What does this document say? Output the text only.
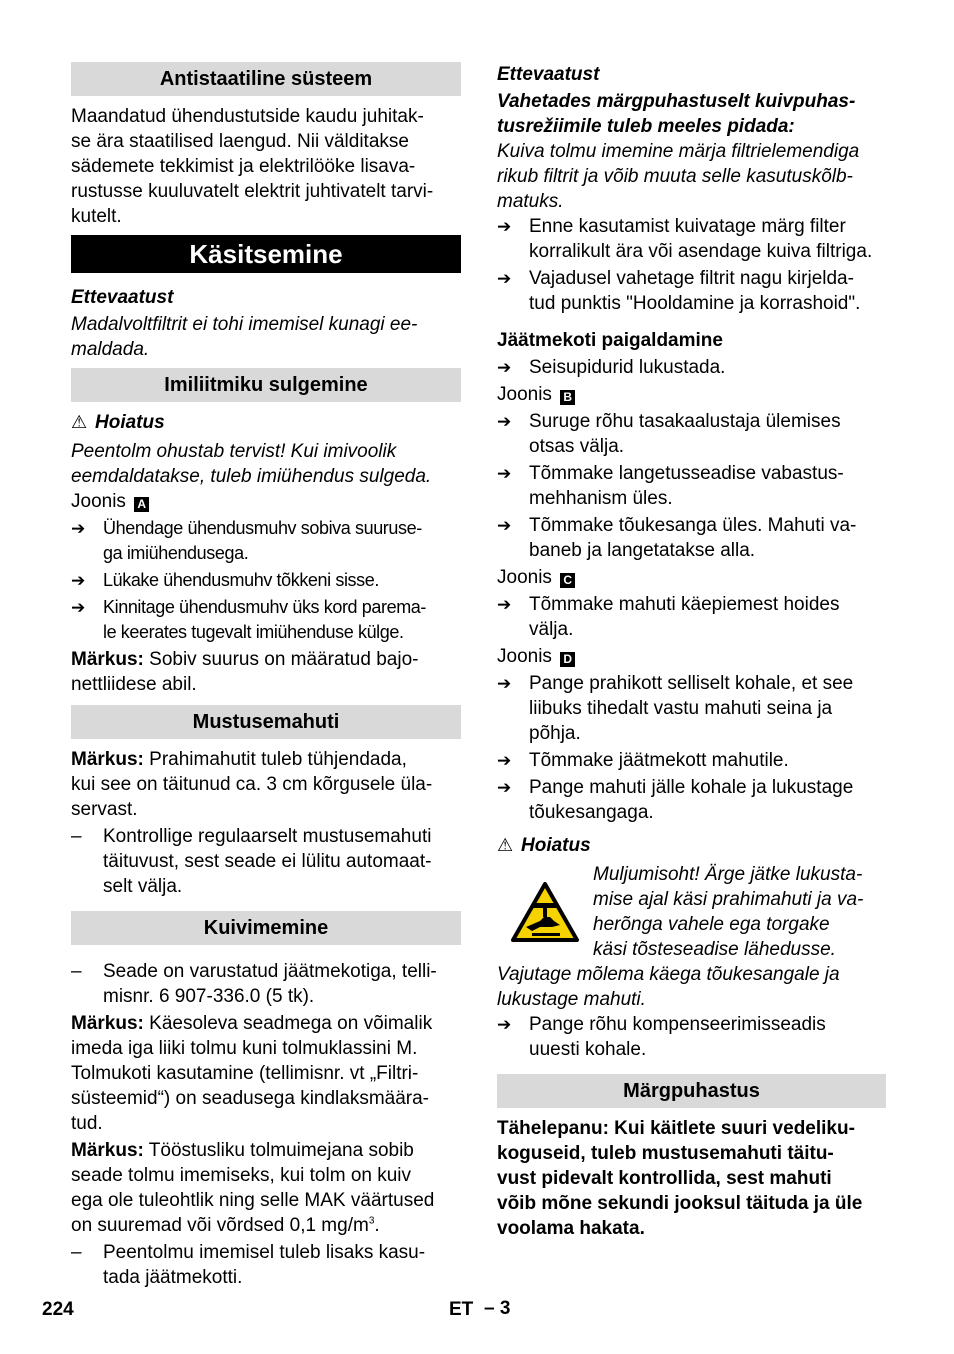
Antistaatiline süsteem
Maandatud ühendustutside kaudu juhitak-
se ära staatilised laengud. Nii välditakse
sädemete tekkimist ja elektrilööke lisava-
rustusse kuuluvatelt elektrit juhtivatelt tarvi-
kutelt.
Käsitsemine

Ettevaatust

Madalvoltfiltrit ei tohi imemisel kunagi ee-
maldada.
Imiliitmiku sulgemine
⚠ Hoiatus
Peentolm ohustab tervist! Kui imivoolik
eemdaldatakse, tuleb imiühendus sulgeda.

Joonis A

➔ Ühendage ühendusmuhv sobiva suuruse-
ga imiühendusega.
➔ Lükake ühendusmuhv tõkkeni sisse.
➔ Kinnitage ühendusmuhv üks kord parema-
le keerates tugevalt imiühenduse külge.

Märkus: Sobiv suurus on määratud bajo-
nettliidese abil.

Mustusemahuti

Märkus: Prahimahutit tuleb tühjendada,
kui see on täitunud ca. 3 cm kõrgusele üla-
servast.

– Kontrollige regulaarselt mustusemahuti
täituvust, sest seade ei lülitu automaat-
selt välja.
Kuivimemine
– Seade on varustatud jäätmekotiga, telli-
misnr. 6 907-336.0 (5 tk).

Märkus: Käesoleva seadmega on võimalik
imeda iga liiki tolmu kuni tolmuklassini M.
Tolmukoti kasutamine (tellimisnr. vt „Filtri-
süsteemid“) on seadusega kindlaksmäära-
tud.

Märkus: Tööstusliku tolmuimejana sobib
seade tolmu imemiseks, kui tolm on kuiv
ega ole tuleohtlik ning selle MAK väärtused
on suuremad või võrdsed 0,1 $mg/m^3$.

– Peentolmu imemisel tuleb lisaks kasu-
tada jäätmekotti.

Ettevaatust

Vahetades märgpuhastuselt kuivpuhas-
tusrežiimile tuleb meeles pidada:
Kuiva tolmu imemine märja filtrielemendiga
rikub filtrit ja võib muuta selle kasutuskõlb-
matuks.
➔ Enne kasutamist kuivatage märg filter
korralikult ära või asendage kuiva filtriga.
➔ Vajadusel vahetage filtrit nagu kirjelda-
tud punktis "Hooldamine ja korrashoid".

Jäätmekoti paigaldamine

➔ Seisupidurid lukustada.

Joonis B

➔ Suruge rõhu tasakaalustaja ülemises
otsas välja.
➔ Tõmmake langetusseadise vabastus-
mehhanism üles.
➔ Tõmmake tõukesanga üles. Mahuti va-
baneb ja langetatakse alla.

Joonis C

➔ Tõmmake mahuti käepiemest hoides
välja.

Joonis D

➔ Pange prahikott selliselt kohale, et see
liibuks tihedalt vastu mahuti seina ja
põhja.
➔ Tõmmake jäätmekott mahutile.
➔ Pange mahuti jälle kohale ja lukustage
tõukesangaga.
⚠ Hoiatus
Muljumisoht! Ärge jätke lukusta-
mise ajal käsi prahimahuti ja va-
herõnga vahele ega torgake
käsi tõsteseadise lähedusse.
Vajutage mõlema käega tõukesangale ja
lukustage mahuti.
➔ Pange rõhu kompenseerimisseadis
uuesti kohale.
Märgpuhastus
Tähelepanu: Kui käitlete suuri vedeliku-
koguseid, tuleb mustusemahuti täitu-
vust pidevalt kontrollida, sest mahuti
võib mõne sekundi jooksul täituda ja üle
voolama hakata.
224	ET – 3
